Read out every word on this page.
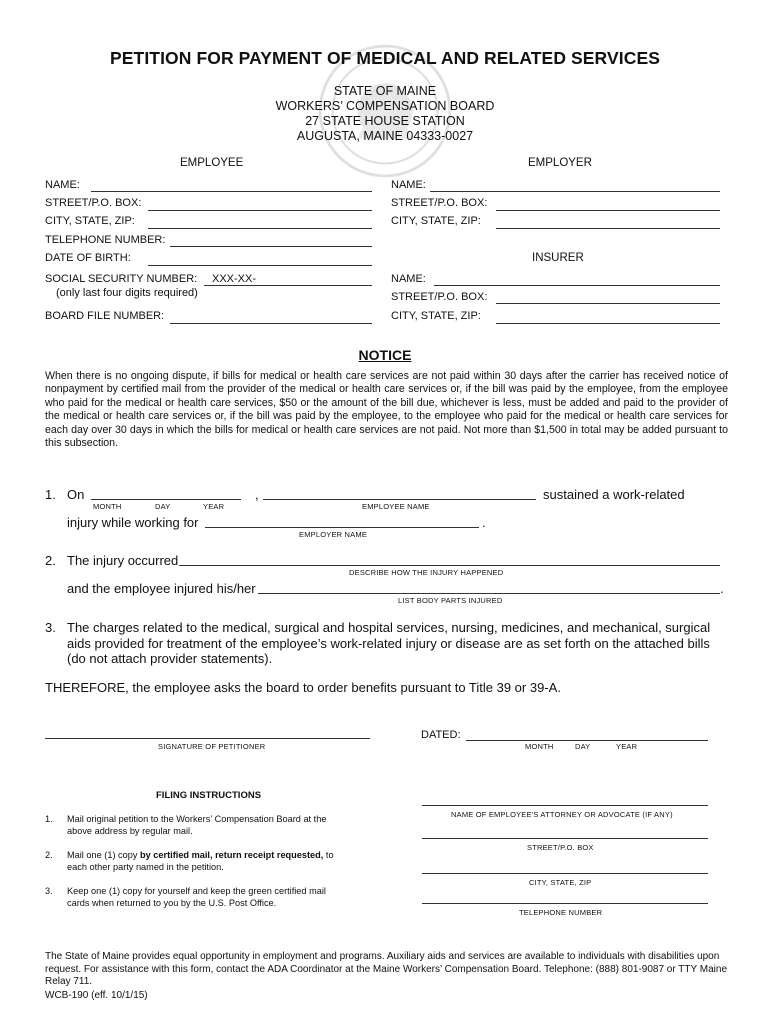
PETITION FOR PAYMENT OF MEDICAL AND RELATED SERVICES
STATE OF MAINE
WORKERS’ COMPENSATION BOARD
27 STATE HOUSE STATION
AUGUSTA, MAINE 04333-0027
EMPLOYEE	EMPLOYER
NAME:
STREET/P.O. BOX:
CITY, STATE, ZIP:
TELEPHONE NUMBER:
DATE OF BIRTH:
SOCIAL SECURITY NUMBER: XXX-XX-
(only last four digits required)
BOARD FILE NUMBER:
NAME:
STREET/P.O. BOX:
CITY, STATE, ZIP:
INSURER
NAME:
STREET/P.O. BOX:
CITY, STATE, ZIP:
NOTICE
When there is no ongoing dispute, if bills for medical or health care services are not paid within 30 days after the carrier has received notice of nonpayment by certified mail from the provider of the medical or health care services or, if the bill was paid by the employee, from the employee who paid for the medical or health care services, $50 or the amount of the bill due, whichever is less, must be added and paid to the provider of the medical or health care services or, if the bill was paid by the employee, to the employee who paid for the medical or health care services for each day over 30 days in which the bills for medical or health care services are not paid. Not more than $1,500 in total may be added pursuant to this subsection.
1. On	,	sustained a work-related
MONTH	DAY	YEAR	EMPLOYEE NAME
injury while working for	.
EMPLOYER NAME
2. The injury occurred
DESCRIBE HOW THE INJURY HAPPENED
and the employee injured his/her	.
LIST BODY PARTS INJURED
3. The charges related to the medical, surgical and hospital services, nursing, medicines, and mechanical, surgical aids provided for treatment of the employee’s work-related injury or disease are as set forth on the attached bills (do not attach provider statements).
THEREFORE, the employee asks the board to order benefits pursuant to Title 39 or 39-A.
SIGNATURE OF PETITIONER
DATED:
MONTH	DAY	YEAR
FILING INSTRUCTIONS
1. Mail original petition to the Workers’ Compensation Board at the
above address by regular mail.
2. Mail one (1) copy by certified mail, return receipt requested, to
each other party named in the petition.
3. Keep one (1) copy for yourself and keep the green certified mail
cards when returned to you by the U.S. Post Office.
NAME OF EMPLOYEE'S ATTORNEY OR ADVOCATE (IF ANY)
STREET/P.O. BOX
CITY, STATE, ZIP
TELEPHONE NUMBER
The State of Maine provides equal opportunity in employment and programs. Auxiliary aids and services are available to individuals with disabilities upon request. For assistance with this form, contact the ADA Coordinator at the Maine Workers’ Compensation Board. Telephone: (888) 801-9087 or TTY Maine Relay 711.
WCB-190 (eff. 10/1/15)
